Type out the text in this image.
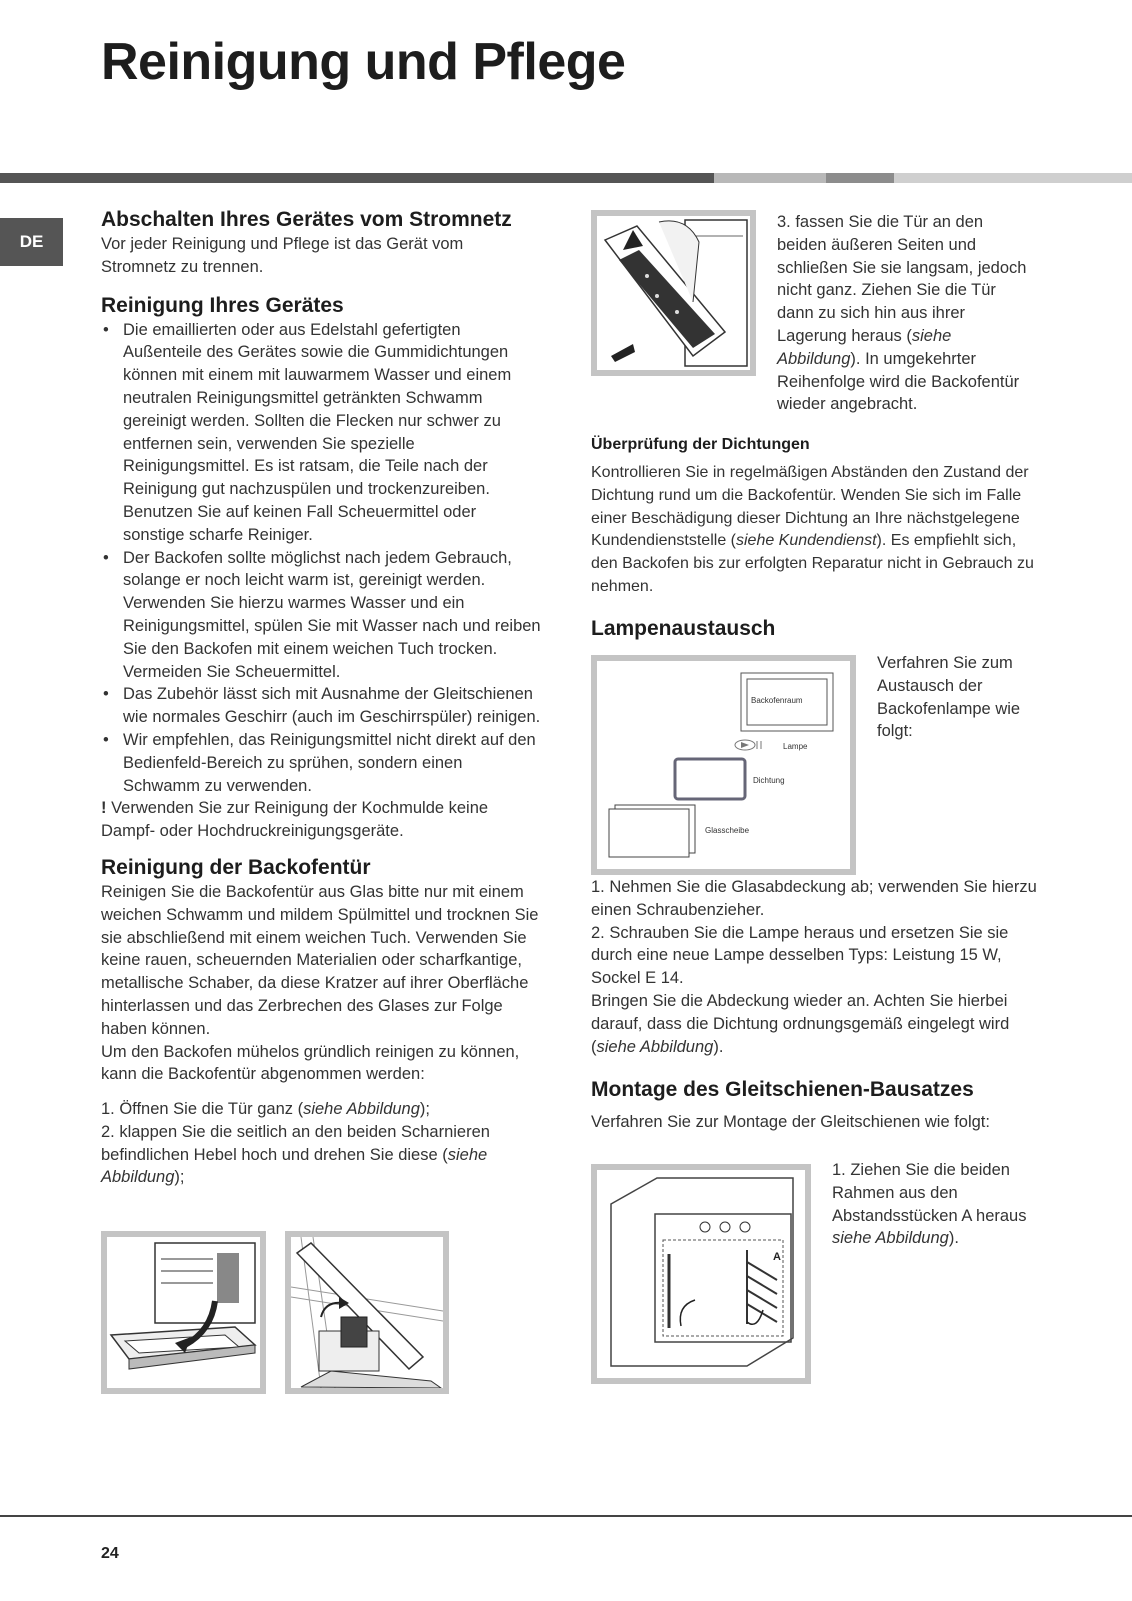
Reinigung und Pflege
DE
Abschalten Ihres Gerätes vom Stromnetz
Vor jeder Reinigung und Pflege ist das Gerät vom Stromnetz zu trennen.
Reinigung Ihres Gerätes
• Die emaillierten oder aus Edelstahl gefertigten Außenteile des Gerätes sowie die Gummidichtungen können mit einem mit lauwarmem Wasser und einem neutralen Reinigungsmittel getränkten Schwamm gereinigt werden. Sollten die Flecken nur schwer zu entfernen sein, verwenden Sie spezielle Reinigungsmittel. Es ist ratsam, die Teile nach der Reinigung gut nachzuspülen und trockenzureiben. Benutzen Sie auf keinen Fall Scheuermittel oder sonstige scharfe Reiniger.
• Der Backofen sollte möglichst nach jedem Gebrauch, solange er noch leicht warm ist, gereinigt werden. Verwenden Sie hierzu warmes Wasser und ein Reinigungsmittel, spülen Sie mit Wasser nach und reiben Sie den Backofen mit einem weichen Tuch trocken. Vermeiden Sie Scheuermittel.
• Das Zubehör lässt sich mit Ausnahme der Gleitschienen wie normales Geschirr (auch im Geschirrspüler) reinigen.
• Wir empfehlen, das Reinigungsmittel nicht direkt auf den Bedienfeld-Bereich zu sprühen, sondern einen Schwamm zu verwenden.
! Verwenden Sie zur Reinigung der Kochmulde keine Dampf- oder Hochdruckreinigungsgeräte.
Reinigung der Backofentür
Reinigen Sie die Backofentür aus Glas bitte nur mit einem weichen Schwamm und mildem Spülmittel und trocknen Sie sie abschließend mit einem weichen Tuch. Verwenden Sie keine rauen, scheuernden Materialien oder scharfkantige, metallische Schaber, da diese Kratzer auf ihrer Oberfläche hinterlassen und das Zerbrechen des Glases zur Folge haben können.
Um den Backofen mühelos gründlich reinigen zu können, kann die Backofentür abgenommen werden:
1. Öffnen Sie die Tür ganz (siehe Abbildung);
2. klappen Sie die seitlich an den beiden Scharnieren befindlichen Hebel hoch und drehen Sie diese (siehe Abbildung);
3. fassen Sie die Tür an den beiden äußeren Seiten und schließen Sie sie langsam, jedoch nicht ganz. Ziehen Sie die Tür dann zu sich hin aus ihrer Lagerung heraus (siehe Abbildung). In umgekehrter Reihenfolge wird die Backofentür wieder angebracht.
Überprüfung der Dichtungen
Kontrollieren Sie in regelmäßigen Abständen den Zustand der Dichtung rund um die Backofentür. Wenden Sie sich im Falle einer Beschädigung dieser Dichtung an Ihre nächstgelegene Kundendienststelle (siehe Kundendienst). Es empfiehlt sich, den Backofen bis zur erfolgten Reparatur nicht in Gebrauch zu nehmen.
Lampenaustausch
Backofenraum
Lampe
Dichtung
Glasscheibe
Verfahren Sie zum Austausch der Backofenlampe wie folgt:
1. Nehmen Sie die Glasabdeckung ab; verwenden Sie hierzu einen Schraubenzieher.
2. Schrauben Sie die Lampe heraus und ersetzen Sie sie durch eine neue Lampe desselben Typs: Leistung 15 W, Sockel E 14.
Bringen Sie die Abdeckung wieder an. Achten Sie hierbei darauf, dass die Dichtung ordnungsgemäß eingelegt wird (siehe Abbildung).
Montage des Gleitschienen-Bausatzes
Verfahren Sie zur Montage der Gleitschienen wie folgt:
A
1. Ziehen Sie die beiden Rahmen aus den Abstandsstücken A heraus siehe Abbildung).
24
